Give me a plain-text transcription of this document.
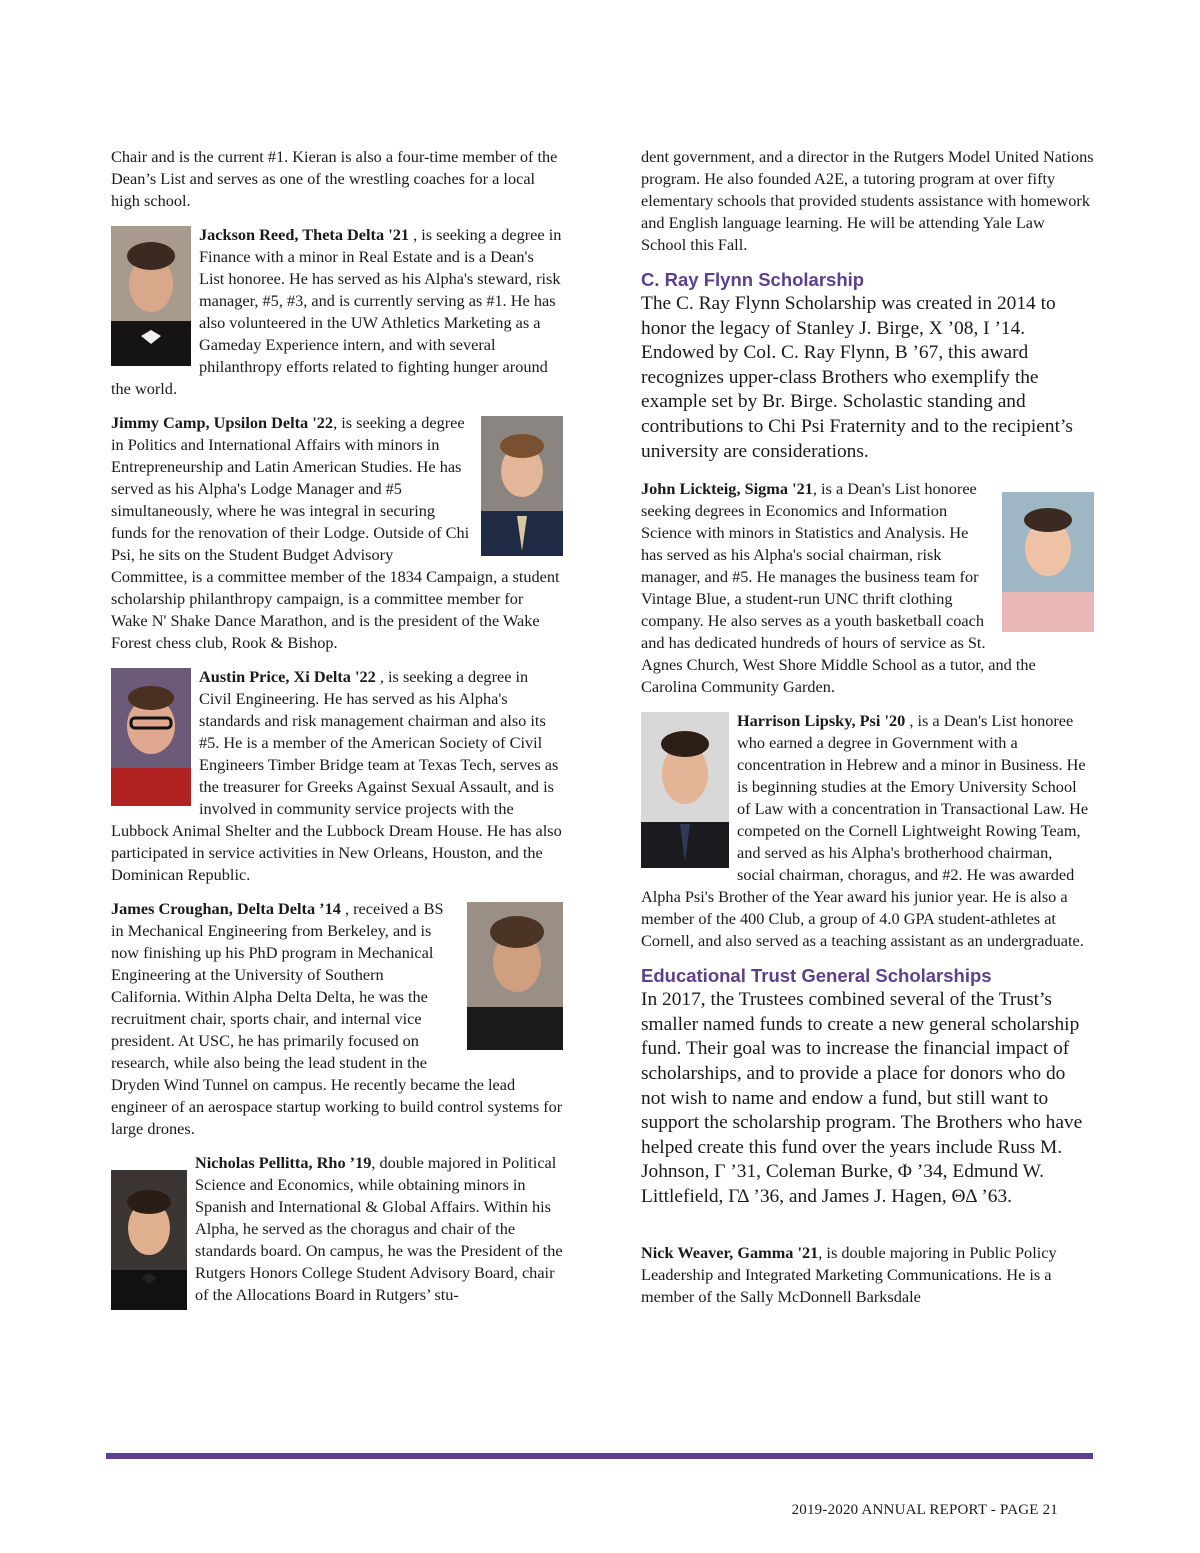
Chair and is the current #1. Kieran is also a four-time member of the Dean’s List and serves as one of the wrestling coaches for a local high school.

Jackson Reed, Theta Delta '21 , is seeking a degree in Finance with a minor in Real Estate and is a Dean's List honoree. He has served as his Alpha's steward, risk manager, #5, #3, and is currently serving as #1. He has also volunteered in the UW Athletics Marketing as a Gameday Experience intern, and with several philanthropy efforts related to fighting hunger around the world.

Jimmy Camp, Upsilon Delta '22, is seeking a degree in Politics and International Affairs with minors in Entrepreneurship and Latin American Studies. He has served as his Alpha's Lodge Manager and #5 simultaneously, where he was integral in securing funds for the renovation of their Lodge. Outside of Chi Psi, he sits on the Student Budget Advisory Committee, is a committee member of the 1834 Campaign, a student scholarship philanthropy campaign, is a committee member for Wake N' Shake Dance Marathon, and is the president of the Wake Forest chess club, Rook & Bishop.

Austin Price, Xi Delta '22 , is seeking a degree in Civil Engineering. He has served as his Alpha's standards and risk management chairman and also its #5. He is a member of the American Society of Civil Engineers Timber Bridge team at Texas Tech, serves as the treasurer for Greeks Against Sexual Assault, and is involved in community service projects with the Lubbock Animal Shelter and the Lubbock Dream House. He has also participated in service activities in New Orleans, Houston, and the Dominican Republic.

James Croughan, Delta Delta ’14 , received a BS in Mechanical Engineering from Berkeley, and is now finishing up his PhD program in Mechanical Engineering at the University of Southern California. Within Alpha Delta Delta, he was the recruitment chair, sports chair, and internal vice president. At USC, he has primarily focused on research, while also being the lead student in the Dryden Wind Tunnel on campus. He recently became the lead engineer of an aerospace startup working to build control systems for large drones.

Nicholas Pellitta, Rho ’19, double majored in Political Science and Economics, while obtaining minors in Spanish and International & Global Affairs. Within his Alpha, he served as the choragus and chair of the standards board. On campus, he was the President of the Rutgers Honors College Student Advisory Board, chair of the Allocations Board in Rutgers’ stu-

dent government, and a director in the Rutgers Model United Nations program. He also founded A2E, a tutoring program at over fifty elementary schools that provided students assistance with homework and English language learning. He will be attending Yale Law School this Fall.

C. Ray Flynn Scholarship

The C. Ray Flynn Scholarship was created in 2014 to honor the legacy of Stanley J. Birge, X ’08, I ’14. Endowed by Col. C. Ray Flynn, B ’67, this award recognizes upper-class Brothers who exemplify the example set by Br. Birge. Scholastic standing and contributions to Chi Psi Fraternity and to the recipient’s university are considerations.

John Lickteig, Sigma '21, is a Dean's List honoree seeking degrees in Economics and Information Science with minors in Statistics and Analysis. He has served as his Alpha's social chairman, risk manager, and #5. He manages the business team for Vintage Blue, a student-run UNC thrift clothing company. He also serves as a youth basketball coach and has dedicated hundreds of hours of service as St. Agnes Church, West Shore Middle School as a tutor, and the Carolina Community Garden.

Harrison Lipsky, Psi '20 , is a Dean's List honoree who earned a degree in Government with a concentration in Hebrew and a minor in Business. He is beginning studies at the Emory University School of Law with a concentration in Transactional Law. He competed on the Cornell Lightweight Rowing Team, and served as his Alpha's brotherhood chairman, social chairman, choragus, and #2. He was awarded Alpha Psi's Brother of the Year award his junior year. He is also a member of the 400 Club, a group of 4.0 GPA student-athletes at Cornell, and also served as a teaching assistant as an undergraduate.

Educational Trust General Scholarships

In 2017, the Trustees combined several of the Trust’s smaller named funds to create a new general scholarship fund. Their goal was to increase the financial impact of scholarships, and to provide a place for donors who do not wish to name and endow a fund, but still want to support the scholarship program. The Brothers who have helped create this fund over the years include Russ M. Johnson, Γ ’31, Coleman Burke, Φ ’34, Edmund W. Littlefield, ΓΔ ’36, and James J. Hagen, ΘΔ ’63.

Nick Weaver, Gamma '21, is double majoring in Public Policy Leadership and Integrated Marketing Communications. He is a member of the Sally McDonnell Barksdale

2019-2020 ANNUAL REPORT - PAGE 21
